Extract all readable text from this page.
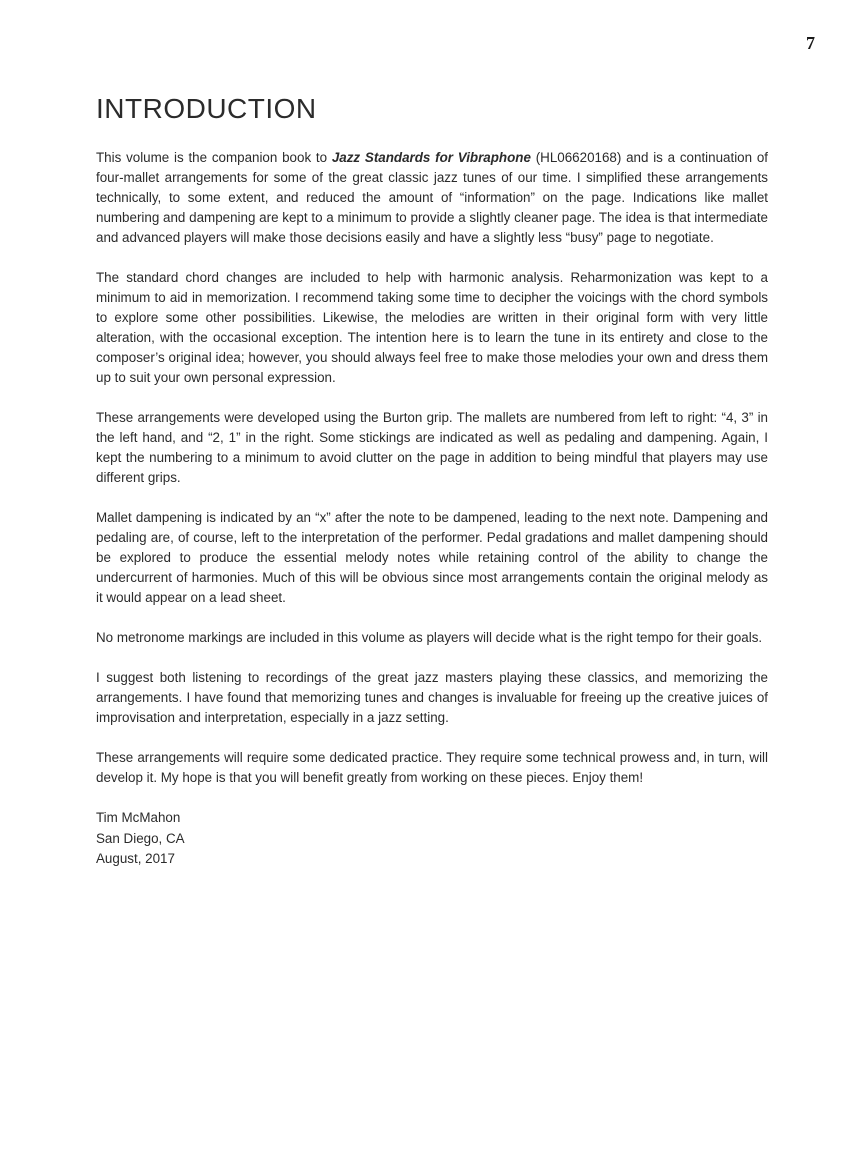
7
INTRODUCTION

This volume is the companion book to Jazz Standards for Vibraphone (HL06620168) and is a continuation of four-mallet arrangements for some of the great classic jazz tunes of our time. I simplified these arrangements technically, to some extent, and reduced the amount of “information” on the page. Indications like mallet numbering and dampening are kept to a minimum to provide a slightly cleaner page. The idea is that intermediate and advanced players will make those decisions easily and have a slightly less “busy” page to negotiate.

The standard chord changes are included to help with harmonic analysis. Reharmonization was kept to a minimum to aid in memorization. I recommend taking some time to decipher the voicings with the chord symbols to explore some other possibilities. Likewise, the melodies are written in their original form with very little alteration, with the occasional exception. The intention here is to learn the tune in its entirety and close to the composer’s original idea; however, you should always feel free to make those melodies your own and dress them up to suit your own personal expression.

These arrangements were developed using the Burton grip. The mallets are numbered from left to right: “4, 3” in the left hand, and “2, 1” in the right. Some stickings are indicated as well as pedaling and dampening. Again, I kept the numbering to a minimum to avoid clutter on the page in addition to being mindful that players may use different grips.

Mallet dampening is indicated by an “x” after the note to be dampened, leading to the next note. Dampening and pedaling are, of course, left to the interpretation of the performer. Pedal gradations and mallet dampening should be explored to produce the essential melody notes while retaining control of the ability to change the undercurrent of harmonies. Much of this will be obvious since most arrangements contain the original melody as it would appear on a lead sheet.

No metronome markings are included in this volume as players will decide what is the right tempo for their goals.

I suggest both listening to recordings of the great jazz masters playing these classics, and memorizing the arrangements. I have found that memorizing tunes and changes is invaluable for freeing up the creative juices of improvisation and interpretation, especially in a jazz setting.

These arrangements will require some dedicated practice. They require some technical prowess and, in turn, will develop it. My hope is that you will benefit greatly from working on these pieces. Enjoy them!

Tim McMahon
San Diego, CA
August, 2017
